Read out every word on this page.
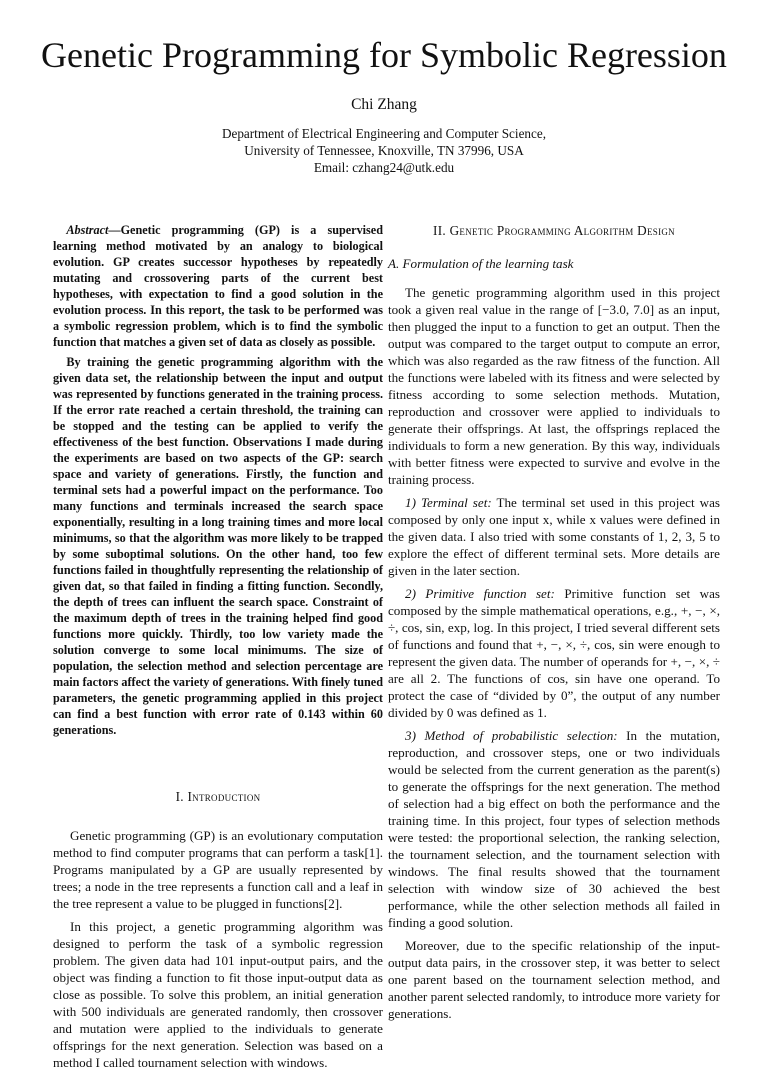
Genetic Programming for Symbolic Regression
Chi Zhang
Department of Electrical Engineering and Computer Science,
University of Tennessee, Knoxville, TN 37996, USA
Email: czhang24@utk.edu

Abstract—Genetic programming (GP) is a supervised learning method motivated by an analogy to biological evolution. GP creates successor hypotheses by repeatedly mutating and crossovering parts of the current best hypotheses, with expectation to find a good solution in the evolution process. In this report, the task to be performed was a symbolic regression problem, which is to find the symbolic function that matches a given set of data as closely as possible.

By training the genetic programming algorithm with the given data set, the relationship between the input and output was represented by functions generated in the training process. If the error rate reached a certain threshold, the training can be stopped and the testing can be applied to verify the effectiveness of the best function. Observations I made during the experiments are based on two aspects of the GP: search space and variety of generations. Firstly, the function and terminal sets had a powerful impact on the performance. Too many functions and terminals increased the search space exponentially, resulting in a long training times and more local minimums, so that the algorithm was more likely to be trapped by some suboptimal solutions. On the other hand, too few functions failed in thoughtfully representing the relationship of given dat, so that failed in finding a fitting function. Secondly, the depth of trees can influent the search space. Constraint of the maximum depth of trees in the training helped find good functions more quickly. Thirdly, too low variety made the solution converge to some local minimums. The size of population, the selection method and selection percentage are main factors affect the variety of generations. With finely tuned parameters, the genetic programming applied in this project can find a best function with error rate of 0.143 within 60 generations.

I. Introduction

Genetic programming (GP) is an evolutionary computation method to find computer programs that can perform a task[1]. Programs manipulated by a GP are usually represented by trees; a node in the tree represents a function call and a leaf in the tree represent a value to be plugged in functions[2].

In this project, a genetic programming algorithm was designed to perform the task of a symbolic regression problem. The given data had 101 input-output pairs, and the object was finding a function to fit those input-output data as close as possible. To solve this problem, an initial generation with 500 individuals are generated randomly, then crossover and mutation were applied to the individuals to generate offsprings for the next generation. Selection was based on a method I called tournament selection with windows.

II. Genetic Programming Algorithm Design
A. Formulation of the learning task

The genetic programming algorithm used in this project took a given real value in the range of [−3.0, 7.0] as an input, then plugged the input to a function to get an output. Then the output was compared to the target output to compute an error, which was also regarded as the raw fitness of the function. All the functions were labeled with its fitness and were selected by fitness according to some selection methods. Mutation, reproduction and crossover were applied to individuals to generate their offsprings. At last, the offsprings replaced the individuals to form a new generation. By this way, individuals with better fitness were expected to survive and evolve in the training process.

1) Terminal set: The terminal set used in this project was composed by only one input x, while x values were defined in the given data. I also tried with some constants of 1, 2, 3, 5 to explore the effect of different terminal sets. More details are given in the later section.

2) Primitive function set: Primitive function set was composed by the simple mathematical operations, e.g., +, −, ×, ÷, cos, sin, exp, log. In this project, I tried several different sets of functions and found that +, −, ×, ÷, cos, sin were enough to represent the given data. The number of operands for +, −, ×, ÷ are all 2. The functions of cos, sin have one operand. To protect the case of “divided by 0”, the output of any number divided by 0 was defined as 1.

3) Method of probabilistic selection: In the mutation, reproduction, and crossover steps, one or two individuals would be selected from the current generation as the parent(s) to generate the offsprings for the next generation. The method of selection had a big effect on both the performance and the training time. In this project, four types of selection methods were tested: the proportional selection, the ranking selection, the tournament selection, and the tournament selection with windows. The final results showed that the tournament selection with window size of 30 achieved the best performance, while the other selection methods all failed in finding a good solution.

Moreover, due to the specific relationship of the input-output data pairs, in the crossover step, it was better to select one parent based on the tournament selection method, and another parent selected randomly, to introduce more variety for generations.
